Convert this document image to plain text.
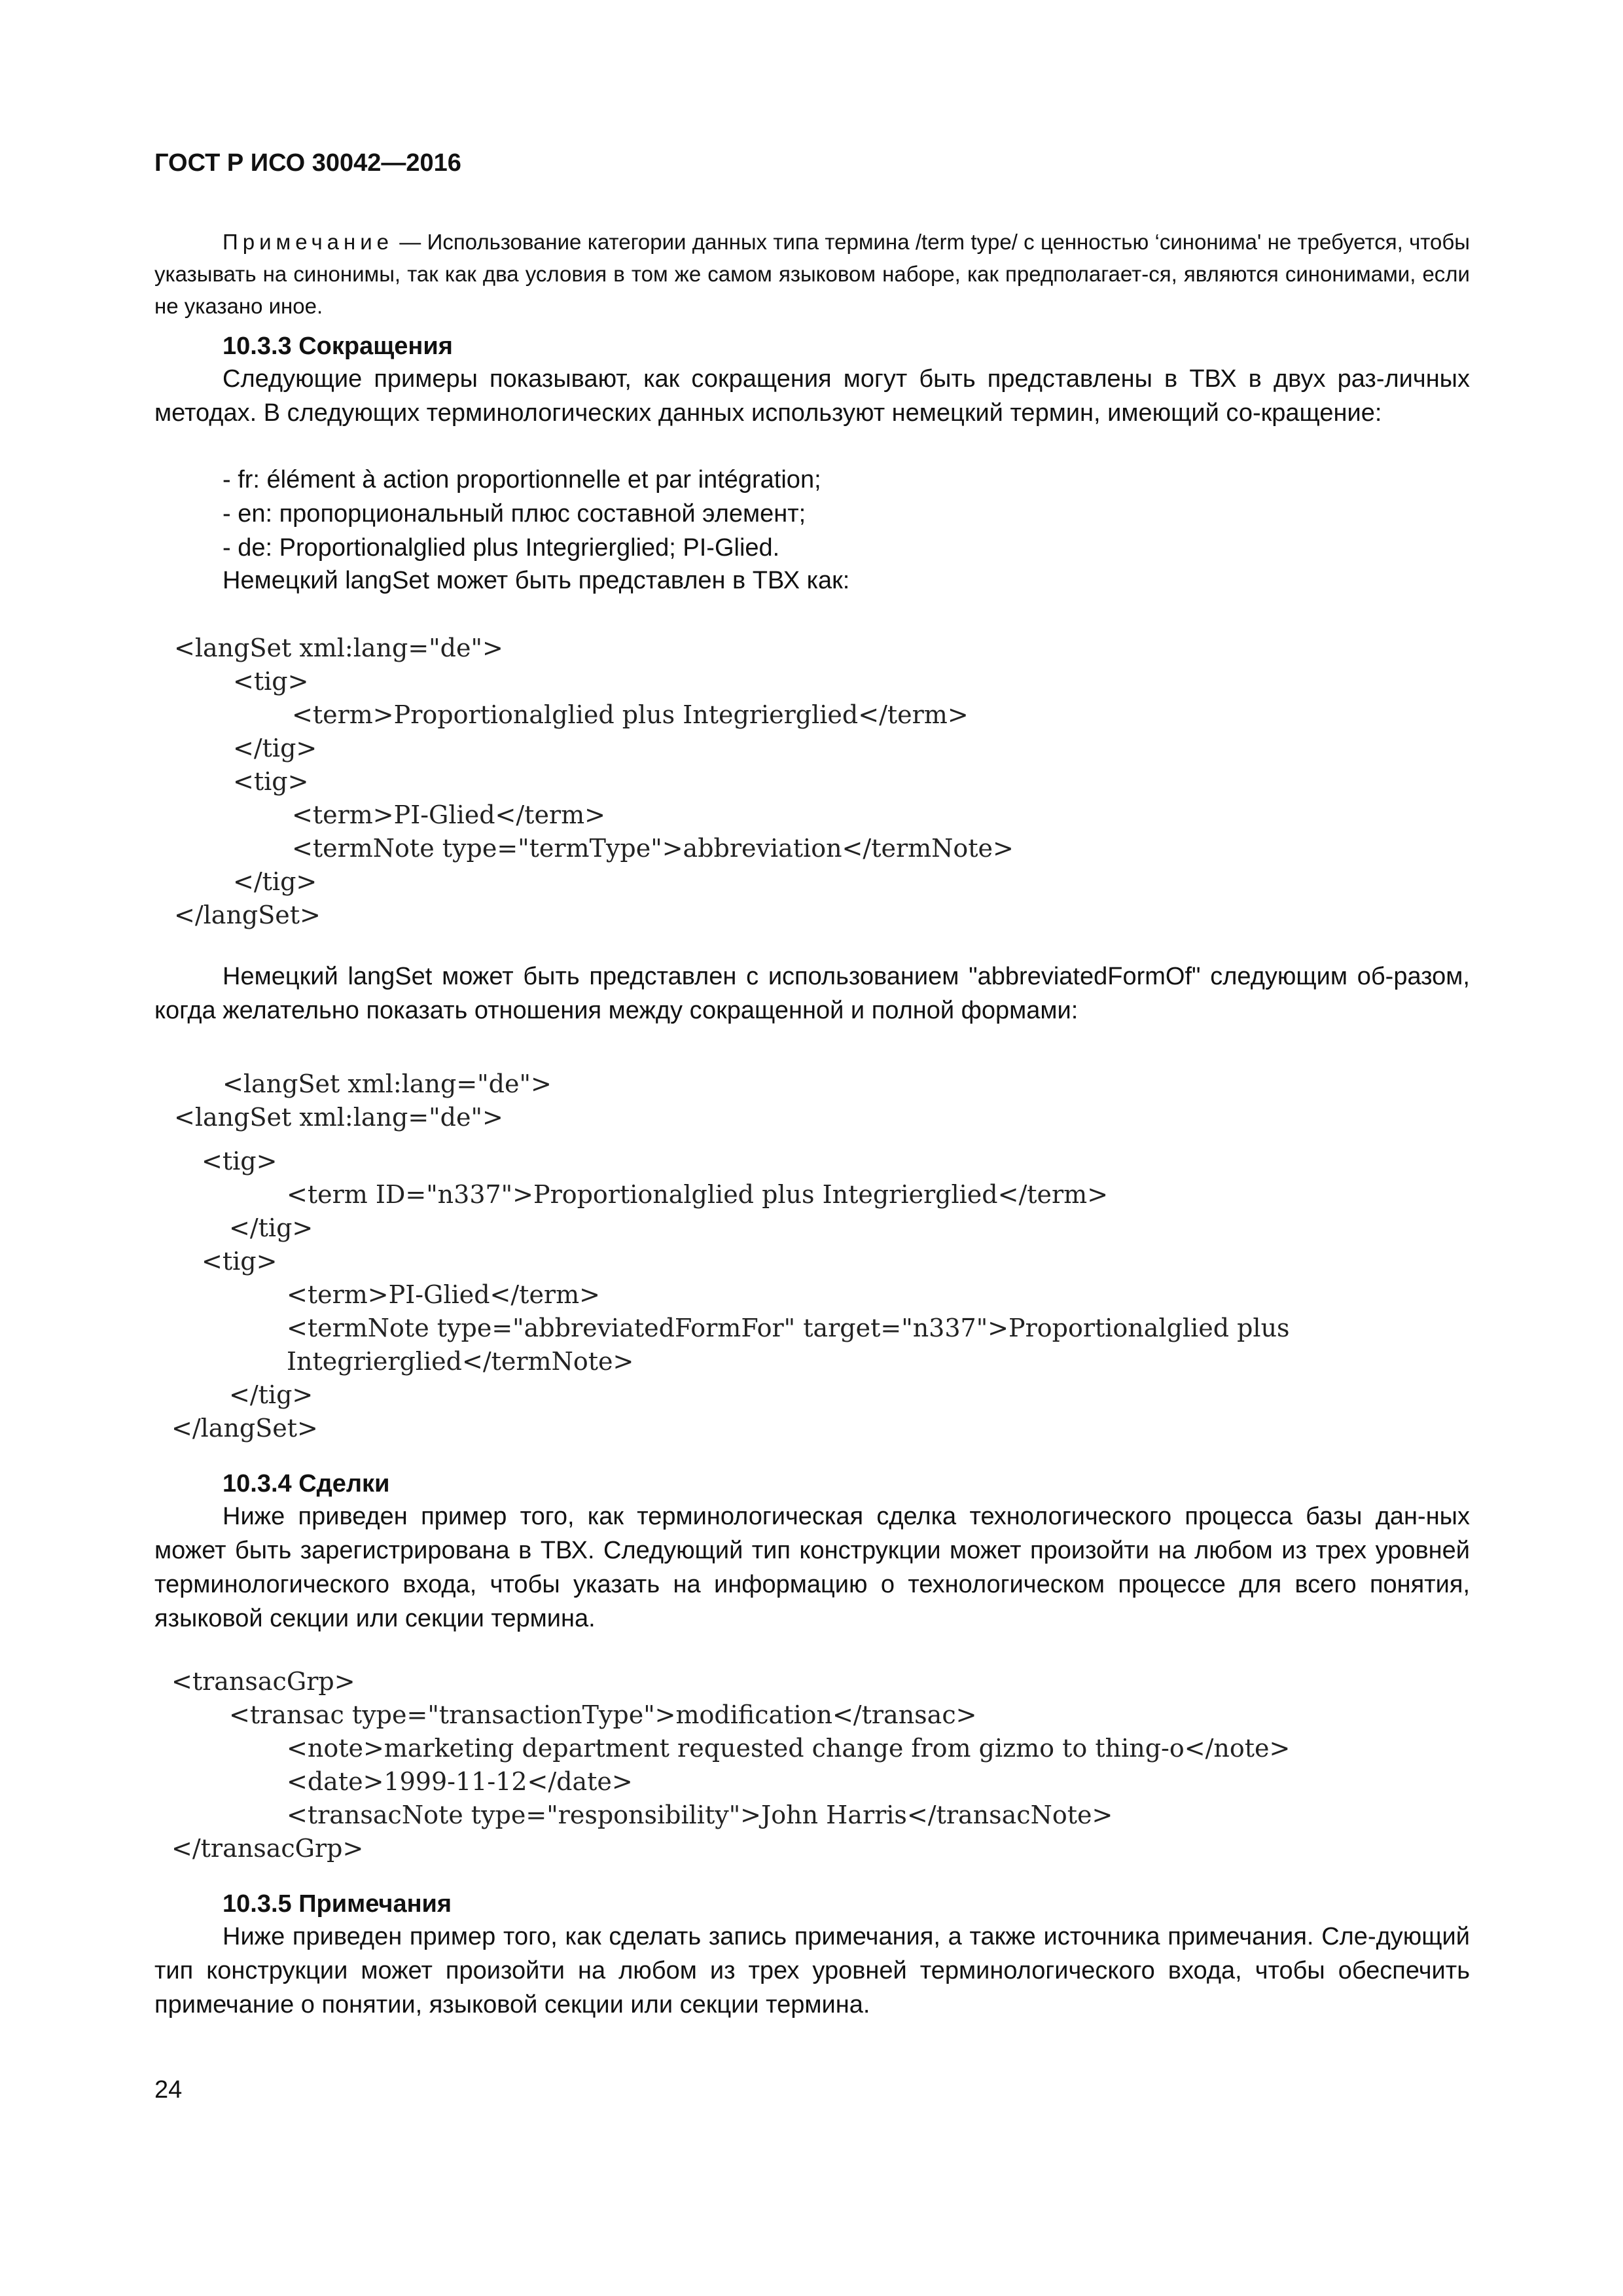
ГОСТ Р ИСО 30042—2016
Примечание — Использование категории данных типа термина /term type/ с ценностью ‘синонима' не требуется, чтобы указывать на синонимы, так как два условия в том же самом языковом наборе, как предполагает-ся, являются синонимами, если не указано иное.
10.3.3 Сокращения
Следующие примеры показывают, как сокращения могут быть представлены в ТВХ в двух раз-личных методах. В следующих терминологических данных используют немецкий термин, имеющий со-кращение:
- fr: élément à action proportionnelle et par intégration;
- en: пропорциональный плюс составной элемент;
- de: Proportionalglied plus Integrierglied; PI-Glied.
Немецкий langSet может быть представлен в ТВХ как:
<langSet xml:lang="de">
<tig>
<term>Proportionalglied plus Integrierglied</term>
</tig>
<tig>
<term>PI-Glied</term>
<termNote type="termType">abbreviation</termNote>
</tig>
</langSet>
Немецкий langSet может быть представлен с использованием "abbreviatedFormOf" следующим об-разом, когда желательно показать отношения между сокращенной и полной формами:
<langSet xml:lang="de">
<langSet xml:lang="de">
<tig>
<term ID="n337">Proportionalglied plus Integrierglied</term>
</tig>
<tig>
<term>PI-Glied</term>
<termNote type="abbreviatedFormFor" target="n337">Proportionalglied plus
Integrierglied</termNote>
</tig>
</langSet>
10.3.4 Сделки
Ниже приведен пример того, как терминологическая сделка технологического процесса базы дан-ных может быть зарегистрирована в ТВХ. Следующий тип конструкции может произойти на любом из трех уровней терминологического входа, чтобы указать на информацию о технологическом процессе для всего понятия, языковой секции или секции термина.
<transacGrp>
<transac type="transactionType">modification</transac>
<note>marketing department requested change from gizmo to thing-o</note>
<date>1999-11-12</date>
<transacNote type="responsibility">John Harris</transacNote>
</transacGrp>
10.3.5 Примечания
Ниже приведен пример того, как сделать запись примечания, а также источника примечания. Сле-дующий тип конструкции может произойти на любом из трех уровней терминологического входа, чтобы обеспечить примечание о понятии, языковой секции или секции термина.
24
